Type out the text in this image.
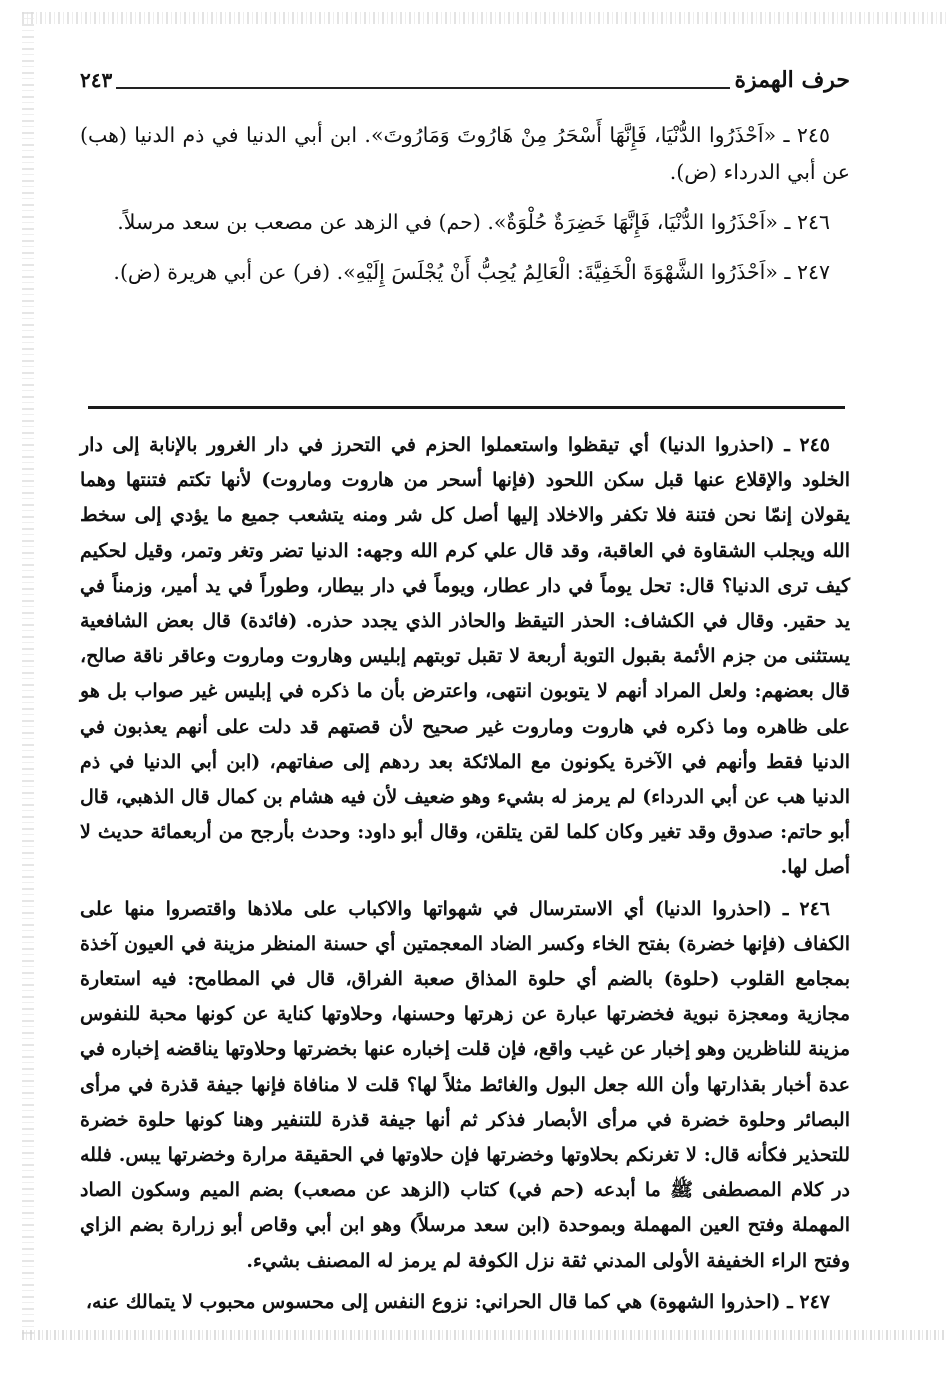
حرف الهمزة
٢٤٣

٢٤٥ ـ «اَحْذَرُوا الدُّنْيَا، فَإِنَّهَا أَسْحَرُ مِنْ هَارُوتَ وَمَارُوتَ». ابن أبي الدنيا في ذم الدنيا (هب) عن أبي الدرداء (ض).

٢٤٦ ـ «اَحْذَرُوا الدُّنْيَا، فَإِنَّهَا خَضِرَةٌ حُلْوَةٌ». (حم) في الزهد عن مصعب بن سعد مرسلاً.

٢٤٧ ـ «اَحْذَرُوا الشَّهْوَةَ الْخَفِيَّةَ: الْعَالِمُ يُحِبُّ أَنْ يُجْلَسَ إِلَيْهِ». (فر) عن أبي هريرة (ض).

٢٤٥ ـ (احذروا الدنيا) أي تيقظوا واستعملوا الحزم في التحرز في دار الغرور بالإنابة إلى دار الخلود والإقلاع عنها قبل سكن اللحود (فإنها أسحر من هاروت وماروت) لأنها تكتم فتنتها وهما يقولان إنمّا نحن فتنة فلا تكفر والاخلاد إليها أصل كل شر ومنه يتشعب جميع ما يؤدي إلى سخط الله ويجلب الشقاوة في العاقبة، وقد قال علي كرم الله وجهه: الدنيا تضر وتغر وتمر، وقيل لحكيم كيف ترى الدنيا؟ قال: تحل يوماً في دار عطار، ويوماً في دار بيطار، وطوراً في يد أمير، وزمناً في يد حقير. وقال في الكشاف: الحذر التيقظ والحاذر الذي يجدد حذره. (فائدة) قال بعض الشافعية يستثنى من جزم الأئمة بقبول التوبة أربعة لا تقبل توبتهم إبليس وهاروت وماروت وعاقر ناقة صالح، قال بعضهم: ولعل المراد أنهم لا يتوبون انتهى، واعترض بأن ما ذكره في إبليس غير صواب بل هو على ظاهره وما ذكره في هاروت وماروت غير صحيح لأن قصتهم قد دلت على أنهم يعذبون في الدنيا فقط وأنهم في الآخرة يكونون مع الملائكة بعد ردهم إلى صفاتهم، (ابن أبي الدنيا في ذم الدنيا هب عن أبي الدرداء) لم يرمز له بشيء وهو ضعيف لأن فيه هشام بن كمال قال الذهبي، قال أبو حاتم: صدوق وقد تغير وكان كلما لقن يتلقن، وقال أبو داود: وحدث بأرجح من أربعمائة حديث لا أصل لها.

٢٤٦ ـ (احذروا الدنيا) أي الاسترسال في شهواتها والاكباب على ملاذها واقتصروا منها على الكفاف (فإنها خضرة) بفتح الخاء وكسر الضاد المعجمتين أي حسنة المنظر مزينة في العيون آخذة بمجامع القلوب (حلوة) بالضم أي حلوة المذاق صعبة الفراق، قال في المطامح: فيه استعارة مجازية ومعجزة نبوية فخضرتها عبارة عن زهرتها وحسنها، وحلاوتها كناية عن كونها محبة للنفوس مزينة للناظرين وهو إخبار عن غيب واقع، فإن قلت إخباره عنها بخضرتها وحلاوتها يناقضه إخباره في عدة أخبار بقذارتها وأن الله جعل البول والغائط مثلاً لها؟ قلت لا منافاة فإنها جيفة قذرة في مرأى البصائر وحلوة خضرة في مرأى الأبصار فذكر ثم أنها جيفة قذرة للتنفير وهنا كونها حلوة خضرة للتحذير فكأنه قال: لا تغرنكم بحلاوتها وخضرتها فإن حلاوتها في الحقيقة مرارة وخضرتها يبس. فلله در كلام المصطفى ﷺ ما أبدعه (حم في) كتاب (الزهد عن مصعب) بضم الميم وسكون الصاد المهملة وفتح العين المهملة وبموحدة (ابن سعد مرسلاً) وهو ابن أبي وقاص أبو زرارة بضم الزاي وفتح الراء الخفيفة الأولى المدني ثقة نزل الكوفة لم يرمز له المصنف بشيء.

٢٤٧ ـ (احذروا الشهوة) هي كما قال الحراني: نزوع النفس إلى محسوس محبوب لا يتمالك عنه،
